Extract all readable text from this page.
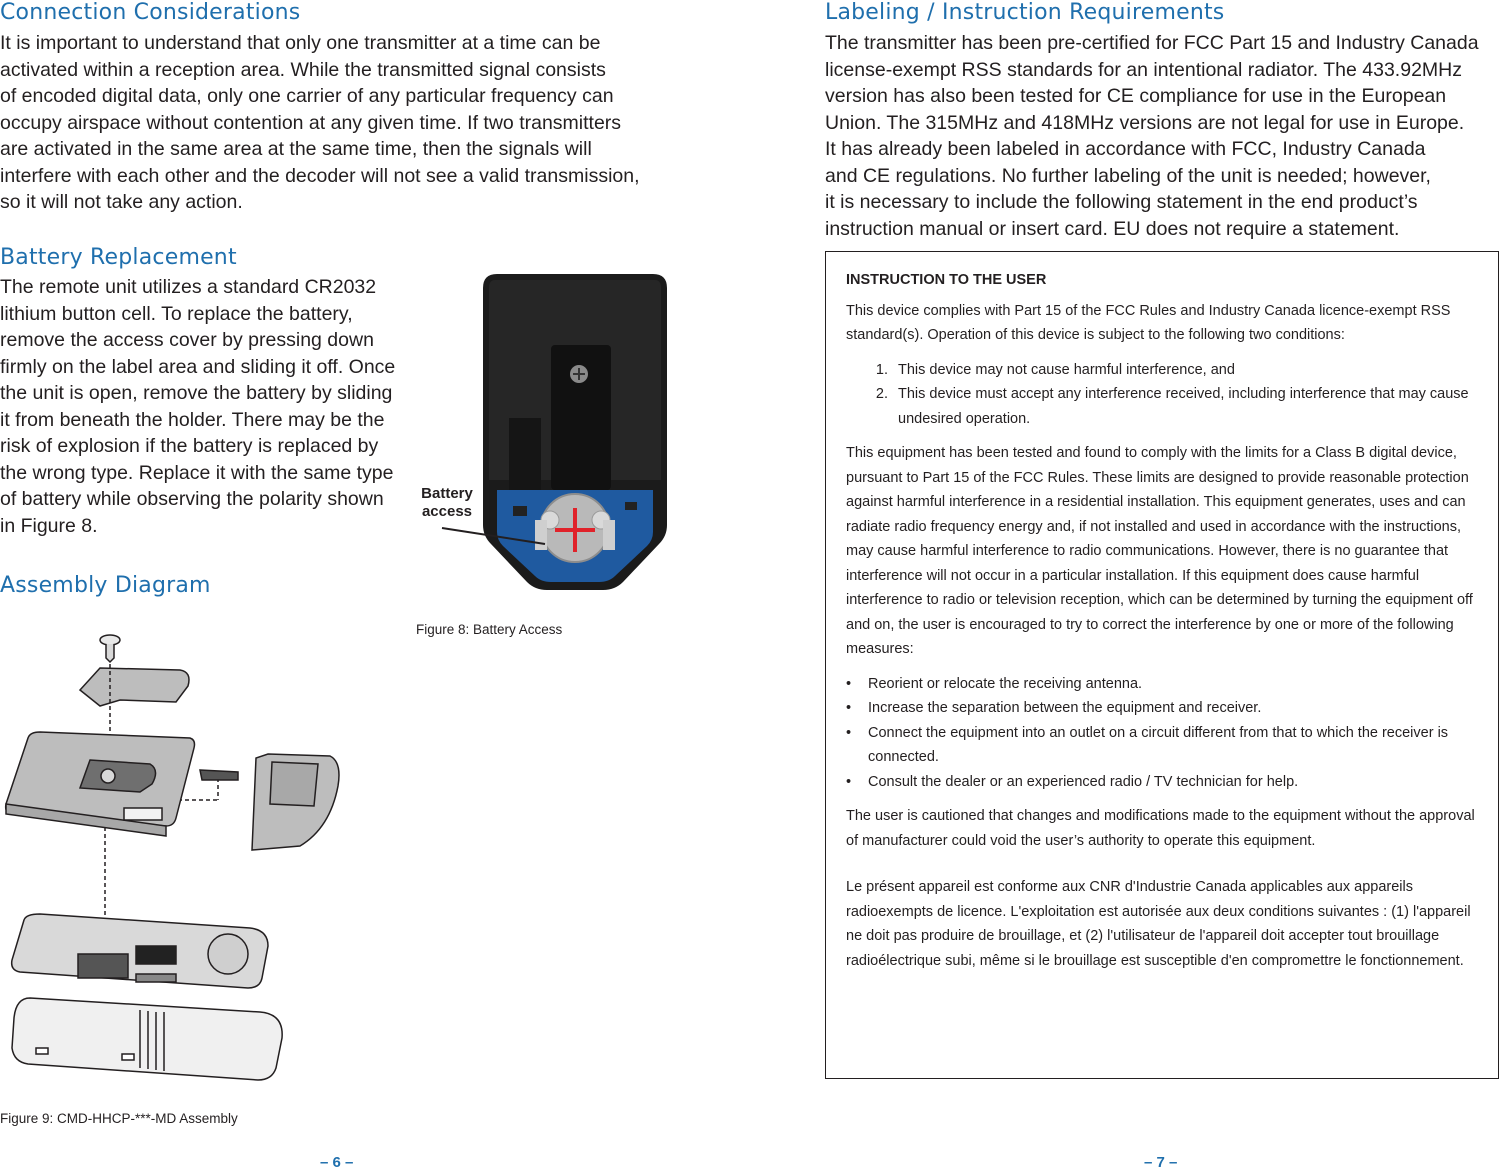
Connection Considerations
It is important to understand that only one transmitter at a time can be
activated within a reception area. While the transmitted signal consists
of encoded digital data, only one carrier of any particular frequency can
occupy airspace without contention at any given time. If two transmitters
are activated in the same area at the same time, then the signals will
interfere with each other and the decoder will not see a valid transmission,
so it will not take any action.
Battery Replacement
The remote unit utilizes a standard CR2032
lithium button cell. To replace the battery,
remove the access cover by pressing down
firmly on the label area and sliding it off. Once
the unit is open, remove the battery by sliding
it from beneath the holder. There may be the
risk of explosion if the battery is replaced by
the wrong type. Replace it with the same type
of battery while observing the polarity shown
in Figure 8.
Battery
access

Figure 8: Battery Access

Assembly Diagram

Figure 9: CMD-HHCP-***-MD Assembly

– 6 –
Labeling / Instruction Requirements
The transmitter has been pre-certified for FCC Part 15 and Industry Canada
license-exempt RSS standards for an intentional radiator. The 433.92MHz
version has also been tested for CE compliance for use in the European
Union. The 315MHz and 418MHz versions are not legal for use in Europe.
It has already been labeled in accordance with FCC, Industry Canada
and CE regulations. No further labeling of the unit is needed; however,
it is necessary to include the following statement in the end product’s
instruction manual or insert card. EU does not require a statement.

INSTRUCTION TO THE USER

This device complies with Part 15 of the FCC Rules and Industry Canada licence-exempt RSS standard(s). Operation of this device is subject to the following two conditions:

1. This device may not cause harmful interference, and
2. This device must accept any interference received, including interference that may cause undesired operation.

This equipment has been tested and found to comply with the limits for a Class B digital device, pursuant to Part 15 of the FCC Rules. These limits are designed to provide reasonable protection against harmful interference in a residential installation. This equipment generates, uses and can radiate radio frequency energy and, if not installed and used in accordance with the instructions, may cause harmful interference to radio communications. However, there is no guarantee that interference will not occur in a particular installation. If this equipment does cause harmful interference to radio or television reception, which can be determined by turning the equipment off and on, the user is encouraged to try to correct the interference by one or more of the following measures:

• Reorient or relocate the receiving antenna.
• Increase the separation between the equipment and receiver.
• Connect the equipment into an outlet on a circuit different from that to which the receiver is connected.
• Consult the dealer or an experienced radio / TV technician for help.

The user is cautioned that changes and modifications made to the equipment without the approval of manufacturer could void the user’s authority to operate this equipment.

Le présent appareil est conforme aux CNR d'Industrie Canada applicables aux appareils radioexempts de licence. L'exploitation est autorisée aux deux conditions suivantes : (1) l'appareil ne doit pas produire de brouillage, et (2) l'utilisateur de l'appareil doit accepter tout brouillage radioélectrique subi, même si le brouillage est susceptible d'en compromettre le fonctionnement.

– 7 –
